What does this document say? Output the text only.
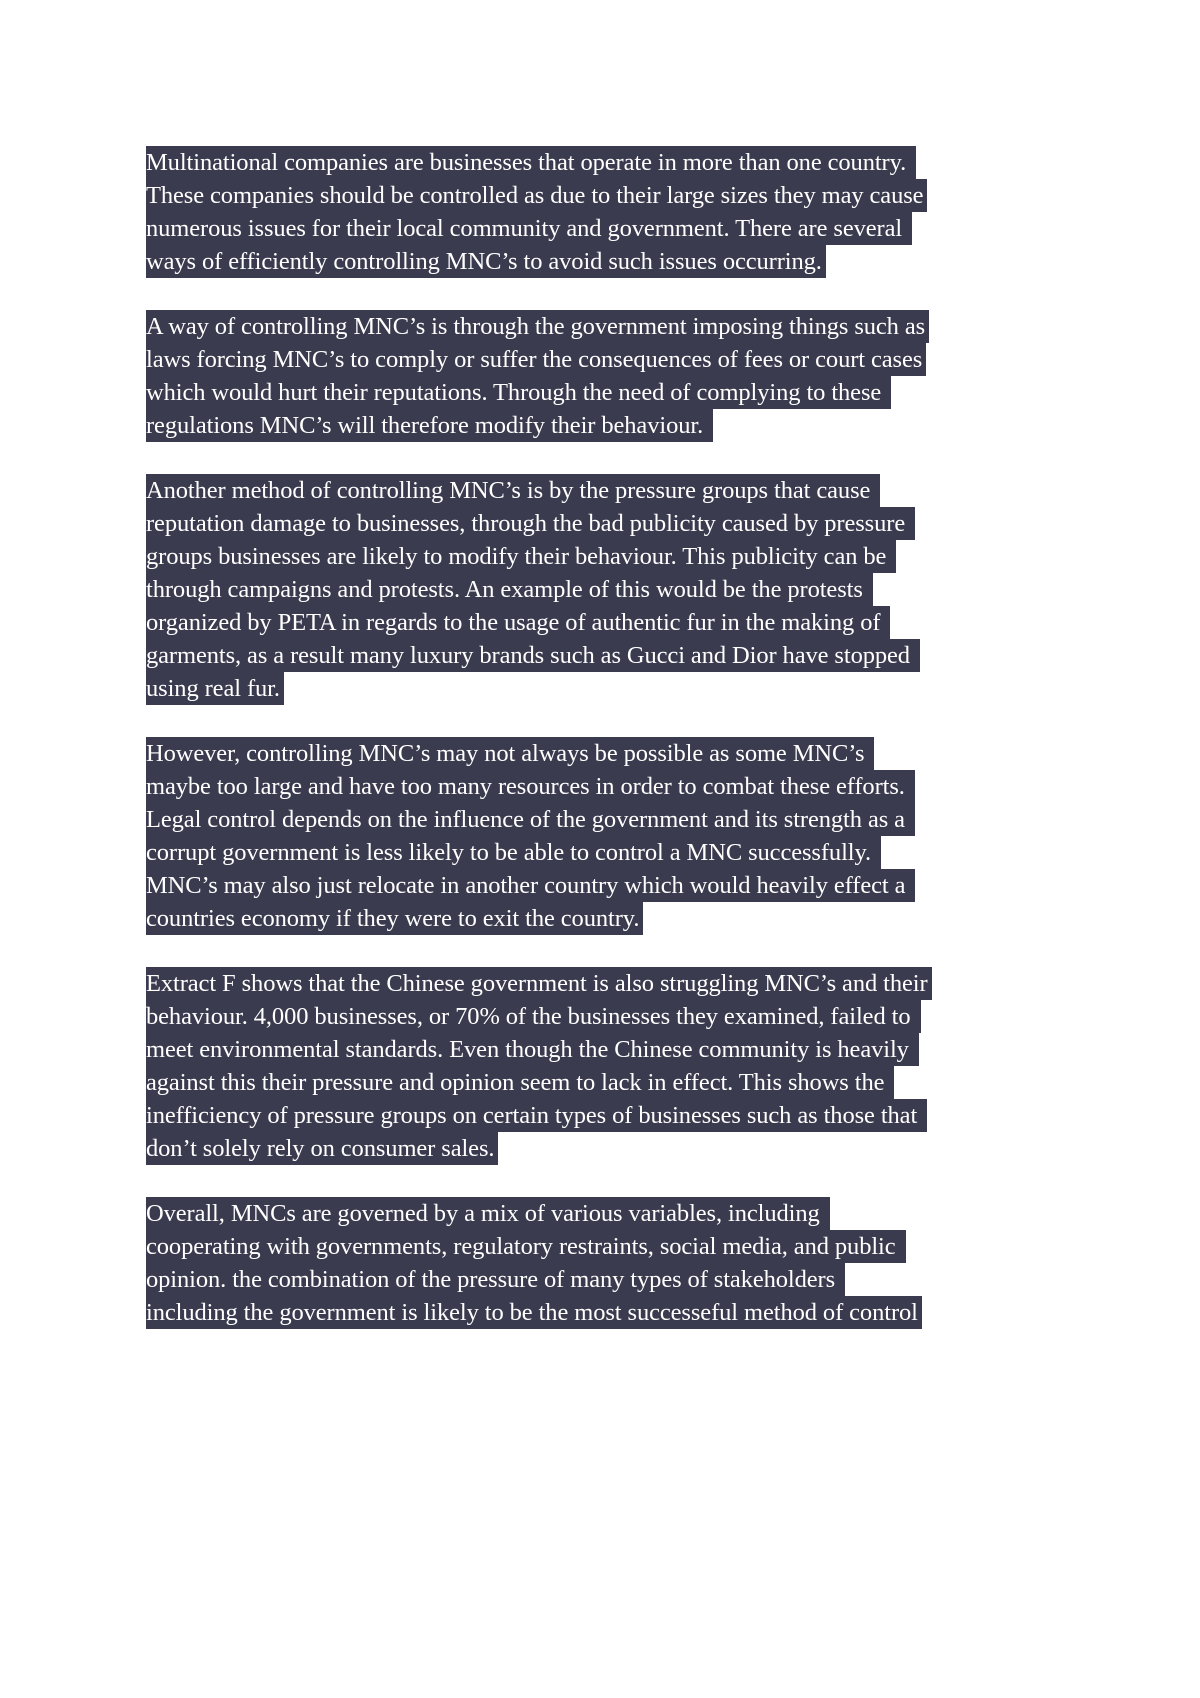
Multinational companies are businesses that operate in more than one country.
These companies should be controlled as due to their large sizes they may cause
numerous issues for their local community and government. There are several
ways of efficiently controlling MNC’s to avoid such issues occurring.
A way of controlling MNC’s is through the government imposing things such as
laws forcing MNC’s to comply or suffer the consequences of fees or court cases
which would hurt their reputations. Through the need of complying to these
regulations MNC’s will therefore modify their behaviour.
Another method of controlling MNC’s is by the pressure groups that cause
reputation damage to businesses, through the bad publicity caused by pressure
groups businesses are likely to modify their behaviour. This publicity can be
through campaigns and protests. An example of this would be the protests
organized by PETA in regards to the usage of authentic fur in the making of
garments, as a result many luxury brands such as Gucci and Dior have stopped
using real fur.
However, controlling MNC’s may not always be possible as some MNC’s
maybe too large and have too many resources in order to combat these efforts.
Legal control depends on the influence of the government and its strength as a
corrupt government is less likely to be able to control a MNC successfully.
MNC’s may also just relocate in another country which would heavily effect a
countries economy if they were to exit the country.
Extract F shows that the Chinese government is also struggling MNC’s and their
behaviour. 4,000 businesses, or 70% of the businesses they examined, failed to
meet environmental standards. Even though the Chinese community is heavily
against this their pressure and opinion seem to lack in effect. This shows the
inefficiency of pressure groups on certain types of businesses such as those that
don’t solely rely on consumer sales.
Overall, MNCs are governed by a mix of various variables, including
cooperating with governments, regulatory restraints, social media, and public
opinion. the combination of the pressure of many types of stakeholders
including the government is likely to be the most successeful method of control
